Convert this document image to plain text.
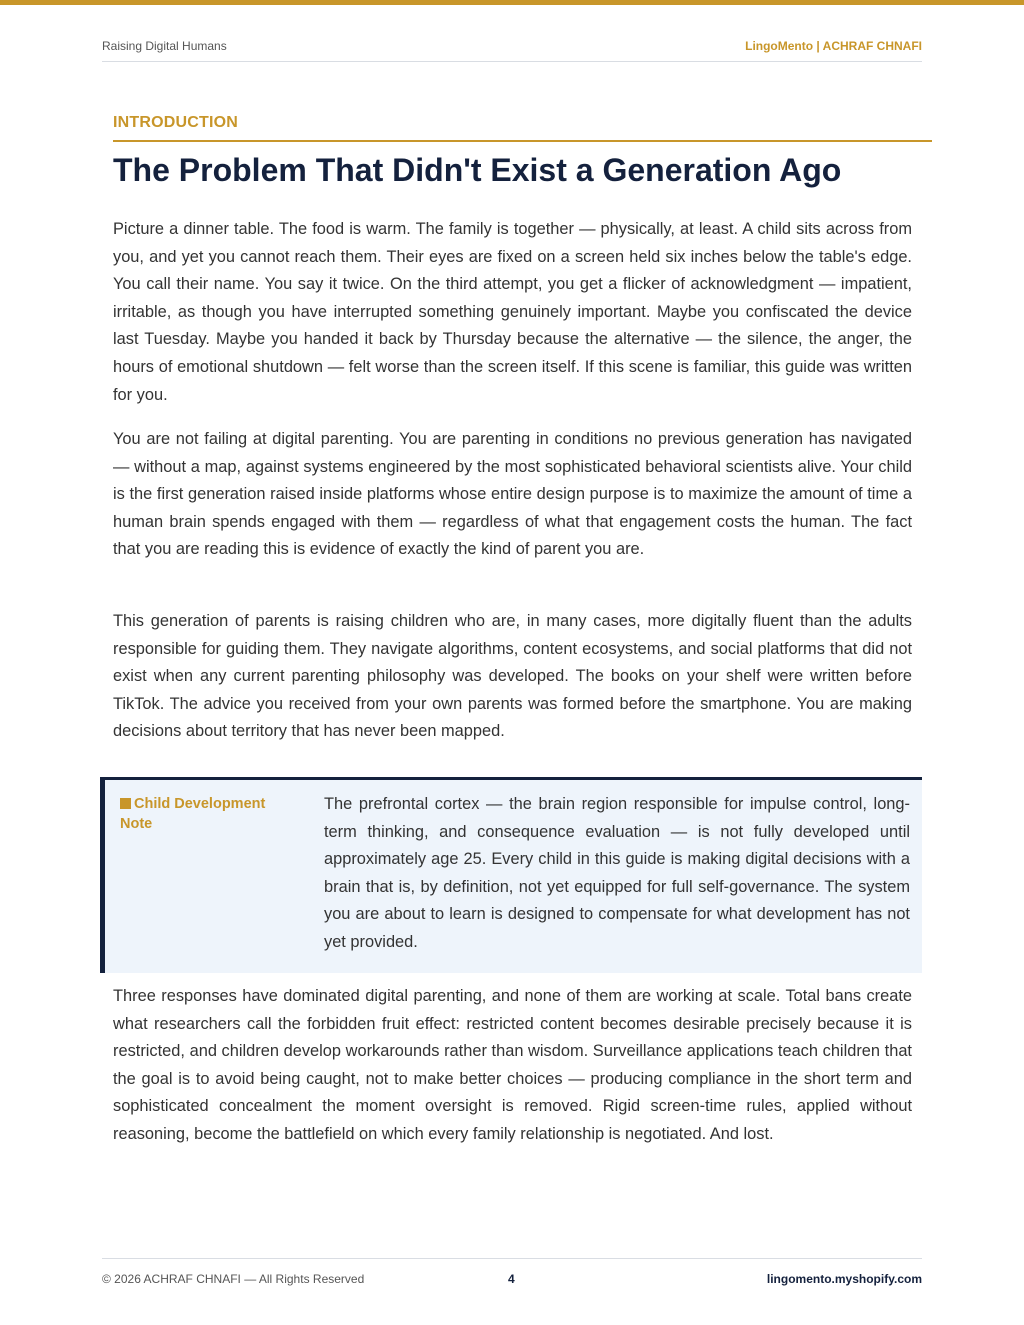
Raising Digital Humans	LingoMento | ACHRAF CHNAFI
INTRODUCTION
The Problem That Didn't Exist a Generation Ago

Picture a dinner table. The food is warm. The family is together — physically, at least. A child sits across from you, and yet you cannot reach them. Their eyes are fixed on a screen held six inches below the table's edge. You call their name. You say it twice. On the third attempt, you get a flicker of acknowledgment — impatient, irritable, as though you have interrupted something genuinely important. Maybe you confiscated the device last Tuesday. Maybe you handed it back by Thursday because the alternative — the silence, the anger, the hours of emotional shutdown — felt worse than the screen itself. If this scene is familiar, this guide was written for you.

You are not failing at digital parenting. You are parenting in conditions no previous generation has navigated — without a map, against systems engineered by the most sophisticated behavioral scientists alive. Your child is the first generation raised inside platforms whose entire design purpose is to maximize the amount of time a human brain spends engaged with them — regardless of what that engagement costs the human. The fact that you are reading this is evidence of exactly the kind of parent you are.

This generation of parents is raising children who are, in many cases, more digitally fluent than the adults responsible for guiding them. They navigate algorithms, content ecosystems, and social platforms that did not exist when any current parenting philosophy was developed. The books on your shelf were written before TikTok. The advice you received from your own parents was formed before the smartphone. You are making decisions about territory that has never been mapped.

Child Development Note

The prefrontal cortex — the brain region responsible for impulse control, long-term thinking, and consequence evaluation — is not fully developed until approximately age 25. Every child in this guide is making digital decisions with a brain that is, by definition, not yet equipped for full self-governance. The system you are about to learn is designed to compensate for what development has not yet provided.

Three responses have dominated digital parenting, and none of them are working at scale. Total bans create what researchers call the forbidden fruit effect: restricted content becomes desirable precisely because it is restricted, and children develop workarounds rather than wisdom. Surveillance applications teach children that the goal is to avoid being caught, not to make better choices — producing compliance in the short term and sophisticated concealment the moment oversight is removed. Rigid screen-time rules, applied without reasoning, become the battlefield on which every family relationship is negotiated. And lost.

© 2026 ACHRAF CHNAFI — All Rights Reserved	4	lingomento.myshopify.com
